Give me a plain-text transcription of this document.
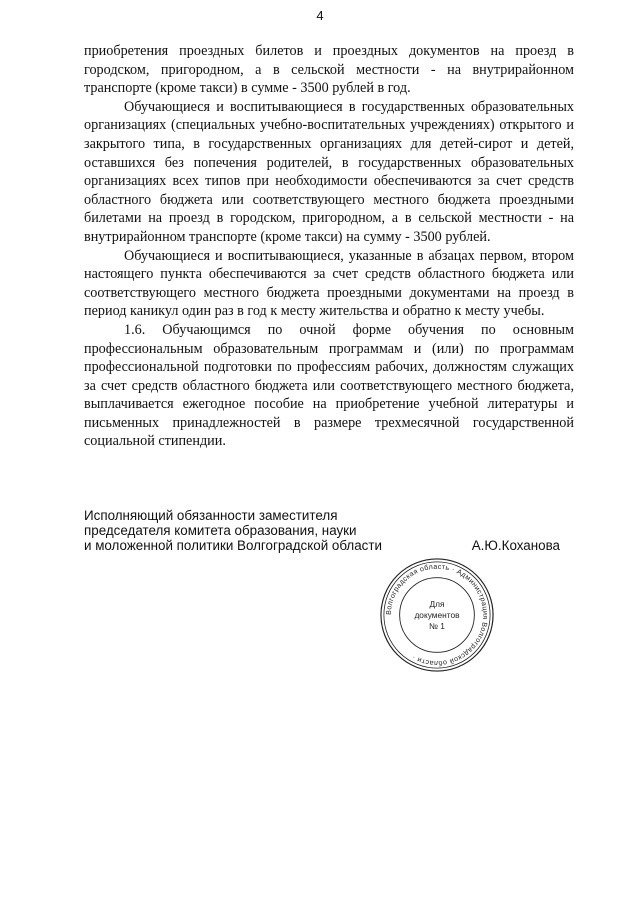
4

приобретения проездных билетов и проездных документов на проезд в городском, пригородном, а в сельской местности - на внутрирайонном транспорте (кроме такси) в сумме - 3500 рублей в год.

Обучающиеся и воспитывающиеся в государственных образовательных организациях (специальных учебно-воспитательных учреждениях) открытого и закрытого типа, в государственных организациях для детей-сирот и детей, оставшихся без попечения родителей, в государственных образовательных организациях всех типов при необходимости обеспечиваются за счет средств областного бюджета или соответствующего местного бюджета проездными билетами на проезд в городском, пригородном, а в сельской местности - на внутрирайонном транспорте (кроме такси) на сумму - 3500 рублей.

Обучающиеся и воспитывающиеся, указанные в абзацах первом, втором настоящего пункта обеспечиваются за счет средств областного бюджета или соответствующего местного бюджета проездными документами на проезд в период каникул один раз в год к месту жительства и обратно к месту учебы.

1.6. Обучающимся по очной форме обучения по основным профессиональным образовательным программам и (или) по программам профессиональной подготовки по профессиям рабочих, должностям служащих за счет средств областного бюджета или соответствующего местного бюджета, выплачивается ежегодное пособие на приобретение учебной литературы и письменных принадлежностей в размере трехмесячной государственной социальной стипендии.

Исполняющий обязанности заместителя
председателя комитета образования, науки
и моложенной политики Волгоградской области	А.Ю.Коханова
Волгоградская область · Администрация Волгоградской области ·
Для
документов
№ 1
